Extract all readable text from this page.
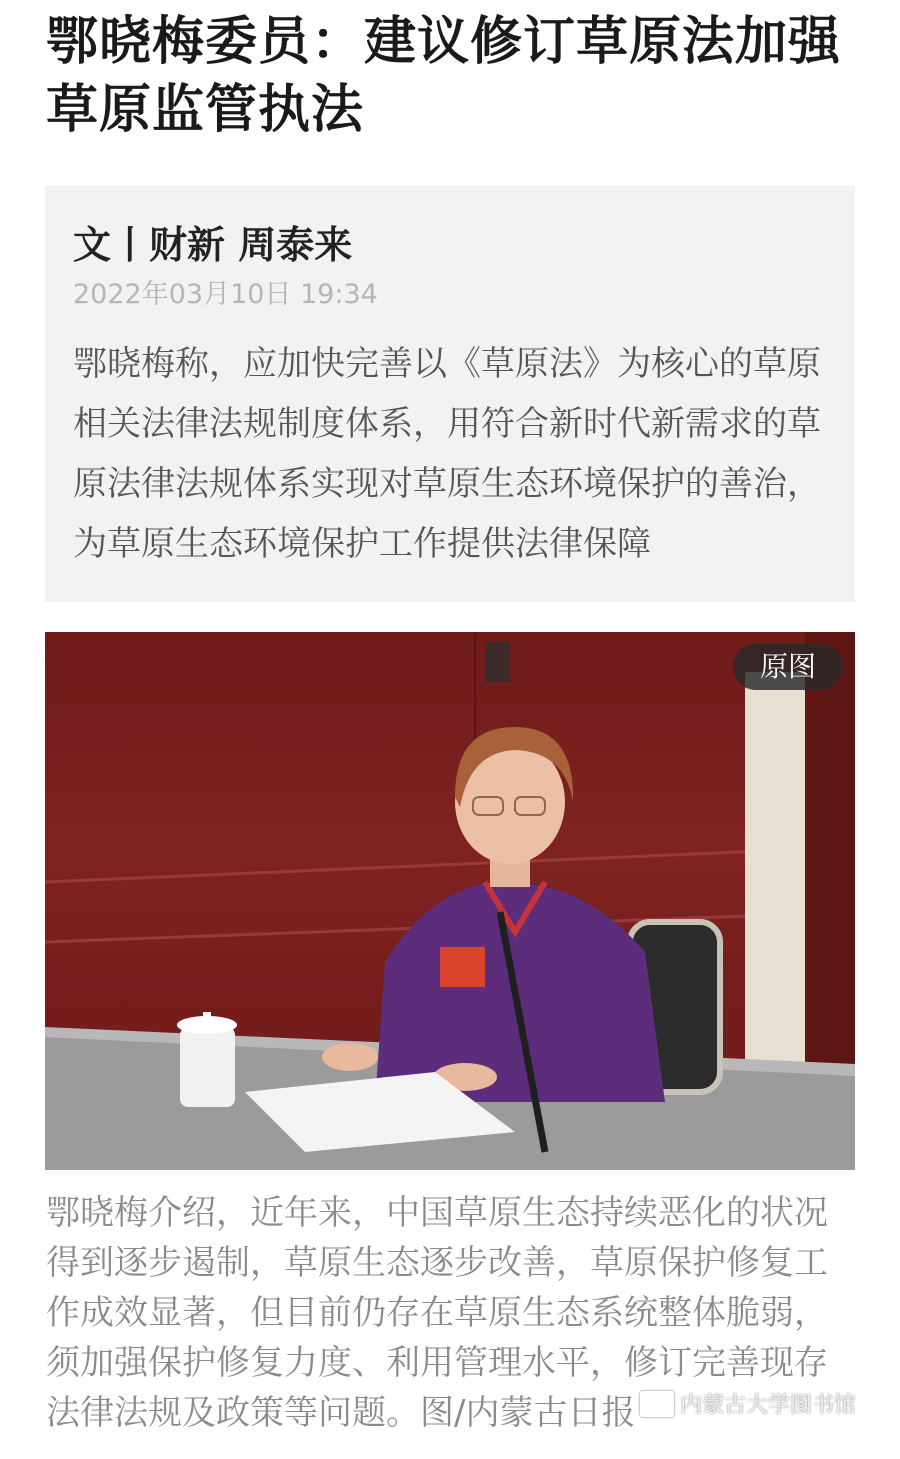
鄂晓梅委员：建议修订草原法加强草原监管执法
文丨财新 周泰来
2022年03月10日 19:34
鄂晓梅称，应加快完善以《草原法》为核心的草原相关法律法规制度体系，用符合新时代新需求的草原法律法规体系实现对草原生态环境保护的善治，为草原生态环境保护工作提供法律保障
原图
鄂晓梅介绍，近年来，中国草原生态持续恶化的状况得到逐步遏制，草原生态逐步改善，草原保护修复工作成效显著，但目前仍存在草原生态系统整体脆弱，须加强保护修复力度、利用管理水平，修订完善现存法律法规及政策等问题。图/内蒙古日报	内蒙古大学图书馆
